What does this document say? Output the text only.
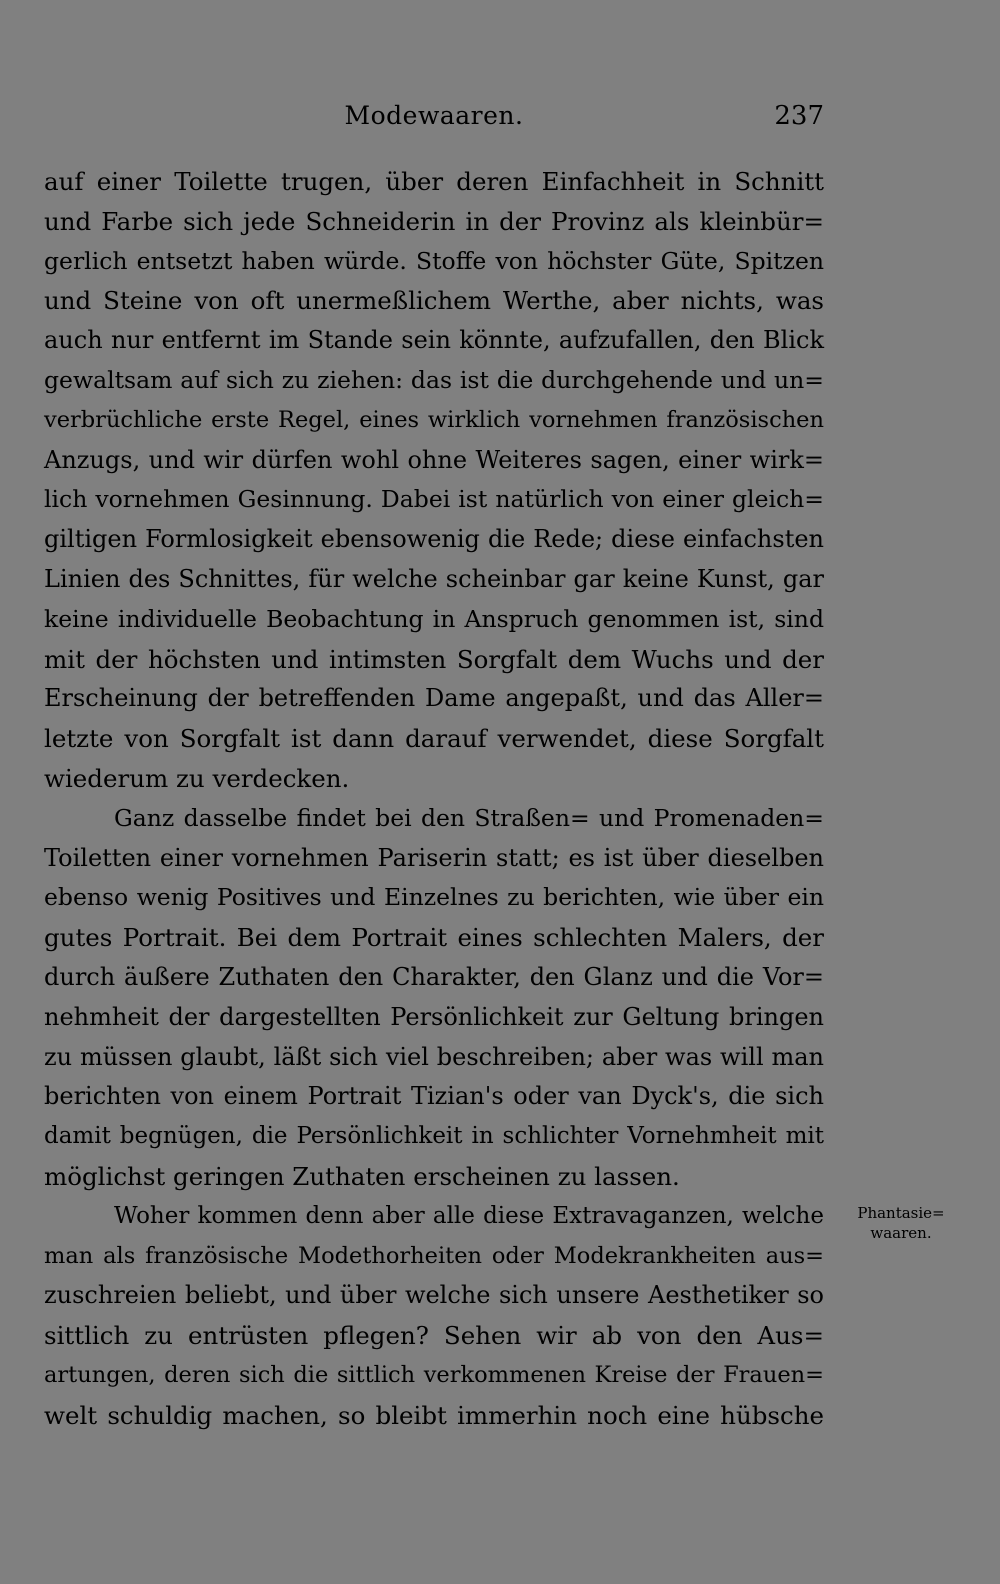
Modewaaren.	237
auf einer Toilette trugen, über deren Einfachheit in Schnitt
und Farbe sich jede Schneiderin in der Provinz als kleinbür=
gerlich entsetzt haben würde. Stoffe von höchster Güte, Spitzen
und Steine von oft unermeßlichem Werthe, aber nichts, was
auch nur entfernt im Stande sein könnte, aufzufallen, den Blick
gewaltsam auf sich zu ziehen: das ist die durchgehende und un=
verbrüchliche erste Regel, eines wirklich vornehmen französischen
Anzugs, und wir dürfen wohl ohne Weiteres sagen, einer wirk=
lich vornehmen Gesinnung. Dabei ist natürlich von einer gleich=
giltigen Formlosigkeit ebensowenig die Rede; diese einfachsten
Linien des Schnittes, für welche scheinbar gar keine Kunst, gar
keine individuelle Beobachtung in Anspruch genommen ist, sind
mit der höchsten und intimsten Sorgfalt dem Wuchs und der
Erscheinung der betreffenden Dame angepaßt, und das Aller=
letzte von Sorgfalt ist dann darauf verwendet, diese Sorgfalt
wiederum zu verdecken.
Ganz dasselbe findet bei den Straßen= und Promenaden=
Toiletten einer vornehmen Pariserin statt; es ist über dieselben
ebenso wenig Positives und Einzelnes zu berichten, wie über ein
gutes Portrait. Bei dem Portrait eines schlechten Malers, der
durch äußere Zuthaten den Charakter, den Glanz und die Vor=
nehmheit der dargestellten Persönlichkeit zur Geltung bringen
zu müssen glaubt, läßt sich viel beschreiben; aber was will man
berichten von einem Portrait Tizian's oder van Dyck's, die sich
damit begnügen, die Persönlichkeit in schlichter Vornehmheit mit
möglichst geringen Zuthaten erscheinen zu lassen.
Woher kommen denn aber alle diese Extravaganzen, welche
man als französische Modethorheiten oder Modekrankheiten aus=
zuschreien beliebt, und über welche sich unsere Aesthetiker so
sittlich zu entrüsten pflegen? Sehen wir ab von den Aus=
artungen, deren sich die sittlich verkommenen Kreise der Frauen=
welt schuldig machen, so bleibt immerhin noch eine hübsche
Phantasie=
waaren.
